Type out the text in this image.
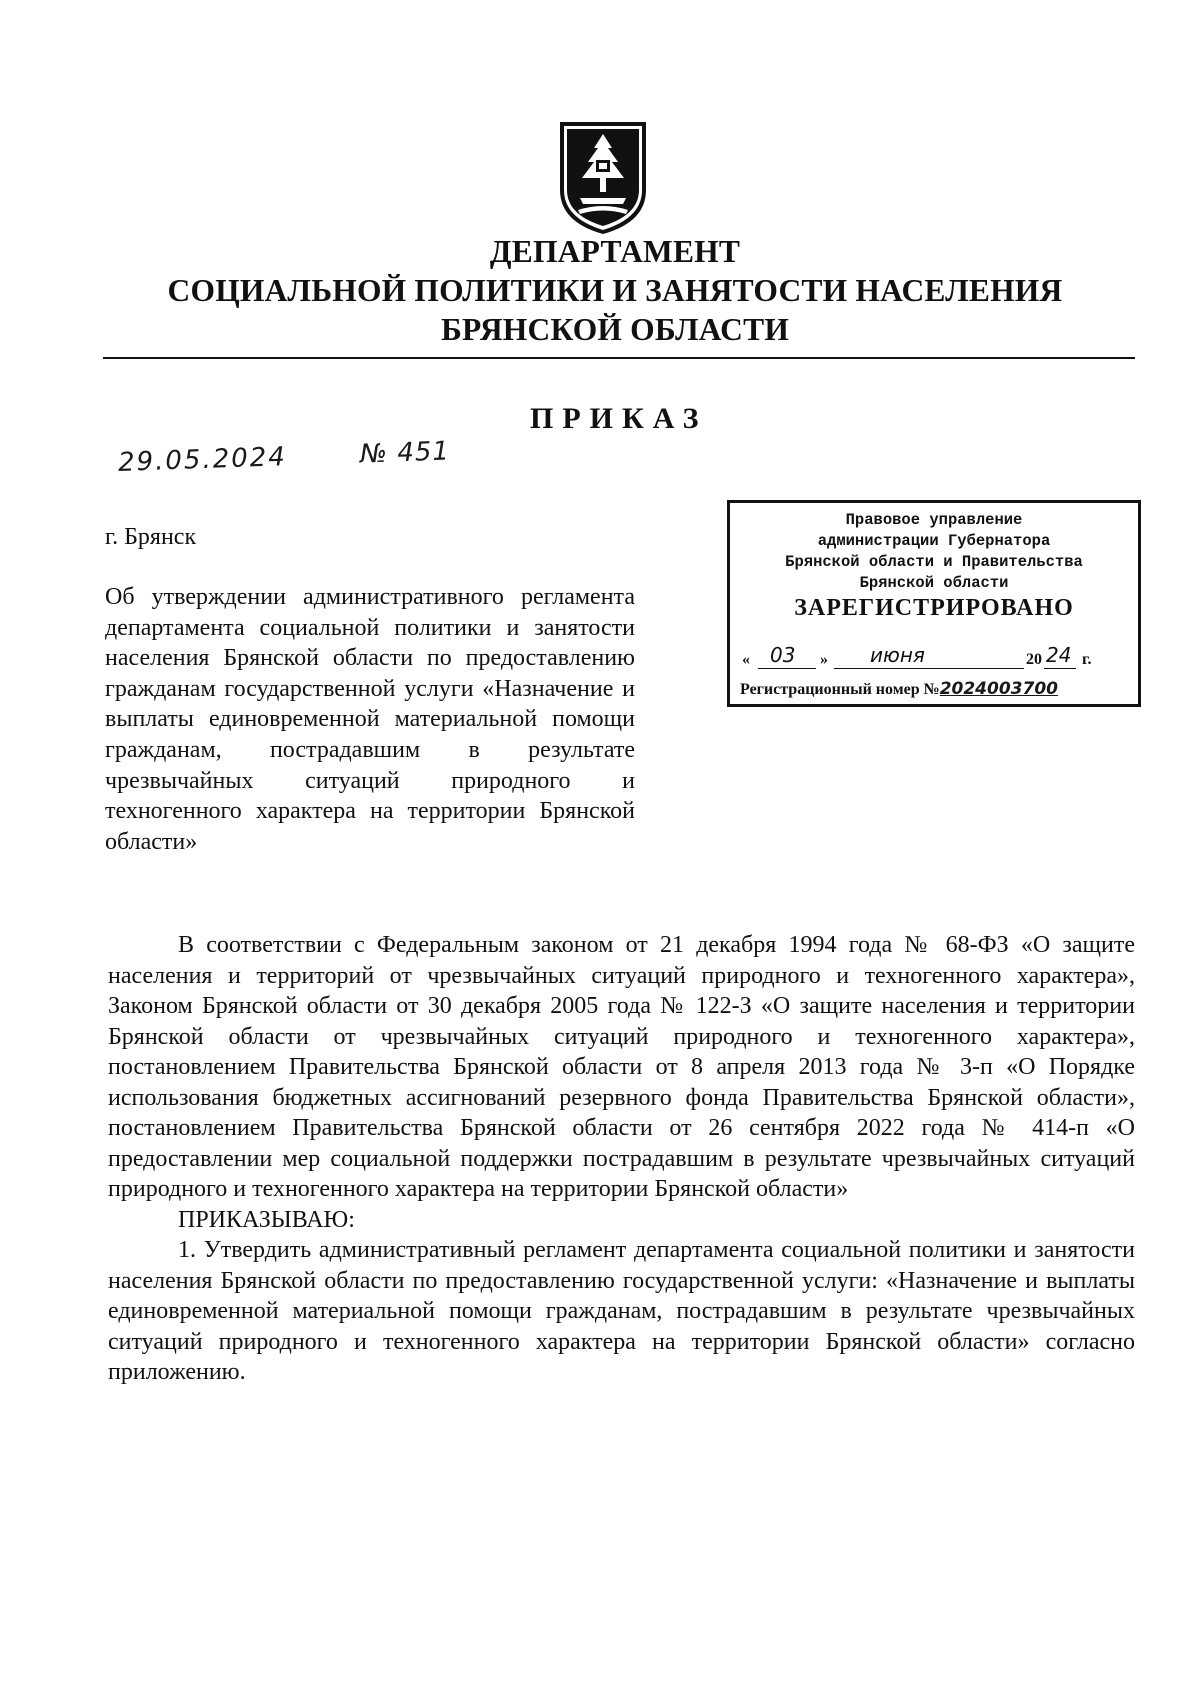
ДЕПАРТАМЕНТ
СОЦИАЛЬНОЙ ПОЛИТИКИ И ЗАНЯТОСТИ НАСЕЛЕНИЯ
БРЯНСКОЙ ОБЛАСТИ
ПРИКАЗ
29.05.2024	№ 451
г. Брянск
Об утверждении административного регламента департамента социальной политики и занятости населения Брянской области по предоставлению гражданам государственной услуги «Назначение и выплаты единовременной материальной помощи гражданам, пострадавшим в результате чрезвычайных ситуаций природного и техногенного характера на территории Брянской области»
Правовое управление
администрации Губернатора
Брянской области и Правительства
Брянской области
ЗАРЕГИСТРИРОВАНО
« 03 » июня	20 24 г.
Регистрационный номер №2024003700

В соответствии с Федеральным законом от 21 декабря 1994 года № 68-ФЗ «О защите населения и территорий от чрезвычайных ситуаций природного и техногенного характера», Законом Брянской области от 30 декабря 2005 года № 122-З «О защите населения и территории Брянской области от чрезвычайных ситуаций природного и техногенного характера», постановлением Правительства Брянской области от 8 апреля 2013 года № 3-п «О Порядке использования бюджетных ассигнований резервного фонда Правительства Брянской области», постановлением Правительства Брянской области от 26 сентября 2022 года № 414-п «О предоставлении мер социальной поддержки пострадавшим в результате чрезвычайных ситуаций природного и техногенного характера на территории Брянской области»

ПРИКАЗЫВАЮ:

1. Утвердить административный регламент департамента социальной политики и занятости населения Брянской области по предоставлению государственной услуги: «Назначение и выплаты единовременной материальной помощи гражданам, пострадавшим в результате чрезвычайных ситуаций природного и техногенного характера на территории Брянской области» согласно приложению.
